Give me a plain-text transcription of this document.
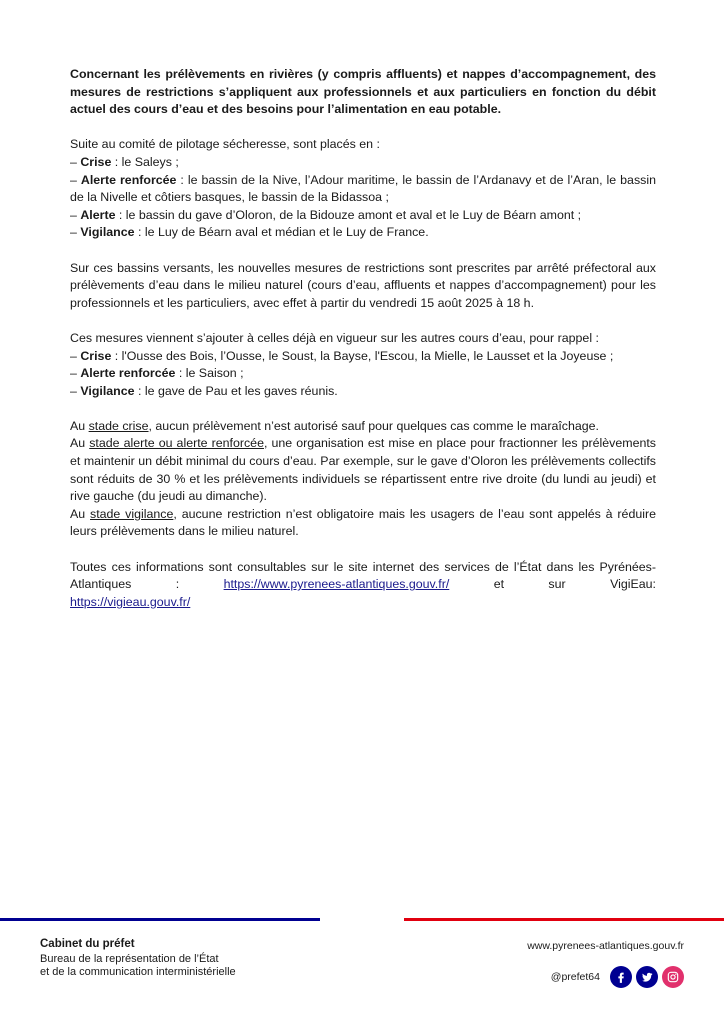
Concernant les prélèvements en rivières (y compris affluents) et nappes d’accompagnement, des mesures de restrictions s’appliquent aux professionnels et aux particuliers en fonction du débit actuel des cours d’eau et des besoins pour l’alimentation en eau potable.

Suite au comité de pilotage sécheresse, sont placés en :

– Crise : le Saleys ;

– Alerte renforcée : le bassin de la Nive, l’Adour maritime, le bassin de l’Ardanavy et de l’Aran, le bassin de la Nivelle et côtiers basques, le bassin de la Bidassoa ;

– Alerte : le bassin du gave d’Oloron, de la Bidouze amont et aval et le Luy de Béarn amont ;

– Vigilance : le Luy de Béarn aval et médian et le Luy de France.

Sur ces bassins versants, les nouvelles mesures de restrictions sont prescrites par arrêté préfectoral aux prélèvements d’eau dans le milieu naturel (cours d’eau, affluents et nappes d’accompagnement) pour les professionnels et les particuliers, avec effet à partir du vendredi 15 août 2025 à 18 h.

Ces mesures viennent s’ajouter à celles déjà en vigueur sur les autres cours d’eau, pour rappel :

– Crise : l'Ousse des Bois, l’Ousse, le Soust, la Bayse, l'Escou, la Mielle, le Lausset et la Joyeuse ;

– Alerte renforcée : le Saison ;

– Vigilance : le gave de Pau et les gaves réunis.

Au stade crise, aucun prélèvement n’est autorisé sauf pour quelques cas comme le maraîchage.

Au stade alerte ou alerte renforcée, une organisation est mise en place pour fractionner les prélèvements et maintenir un débit minimal du cours d’eau. Par exemple, sur le gave d’Oloron les prélèvements collectifs sont réduits de 30 % et les prélèvements individuels se répartissent entre rive droite (du lundi au jeudi) et rive gauche (du jeudi au dimanche).

Au stade vigilance, aucune restriction n’est obligatoire mais les usagers de l’eau sont appelés à réduire leurs prélèvements dans le milieu naturel.

Toutes ces informations sont consultables sur le site internet des services de l’État dans les Pyrénées-Atlantiques :	https://www.pyrenees-atlantiques.gouv.fr/	et sur VigiEau:

https://vigieau.gouv.fr/

Cabinet du préfet
Bureau de la représentation de l’État
et de la communication interministérielle
www.pyrenees-atlantiques.gouv.fr
@prefet64
